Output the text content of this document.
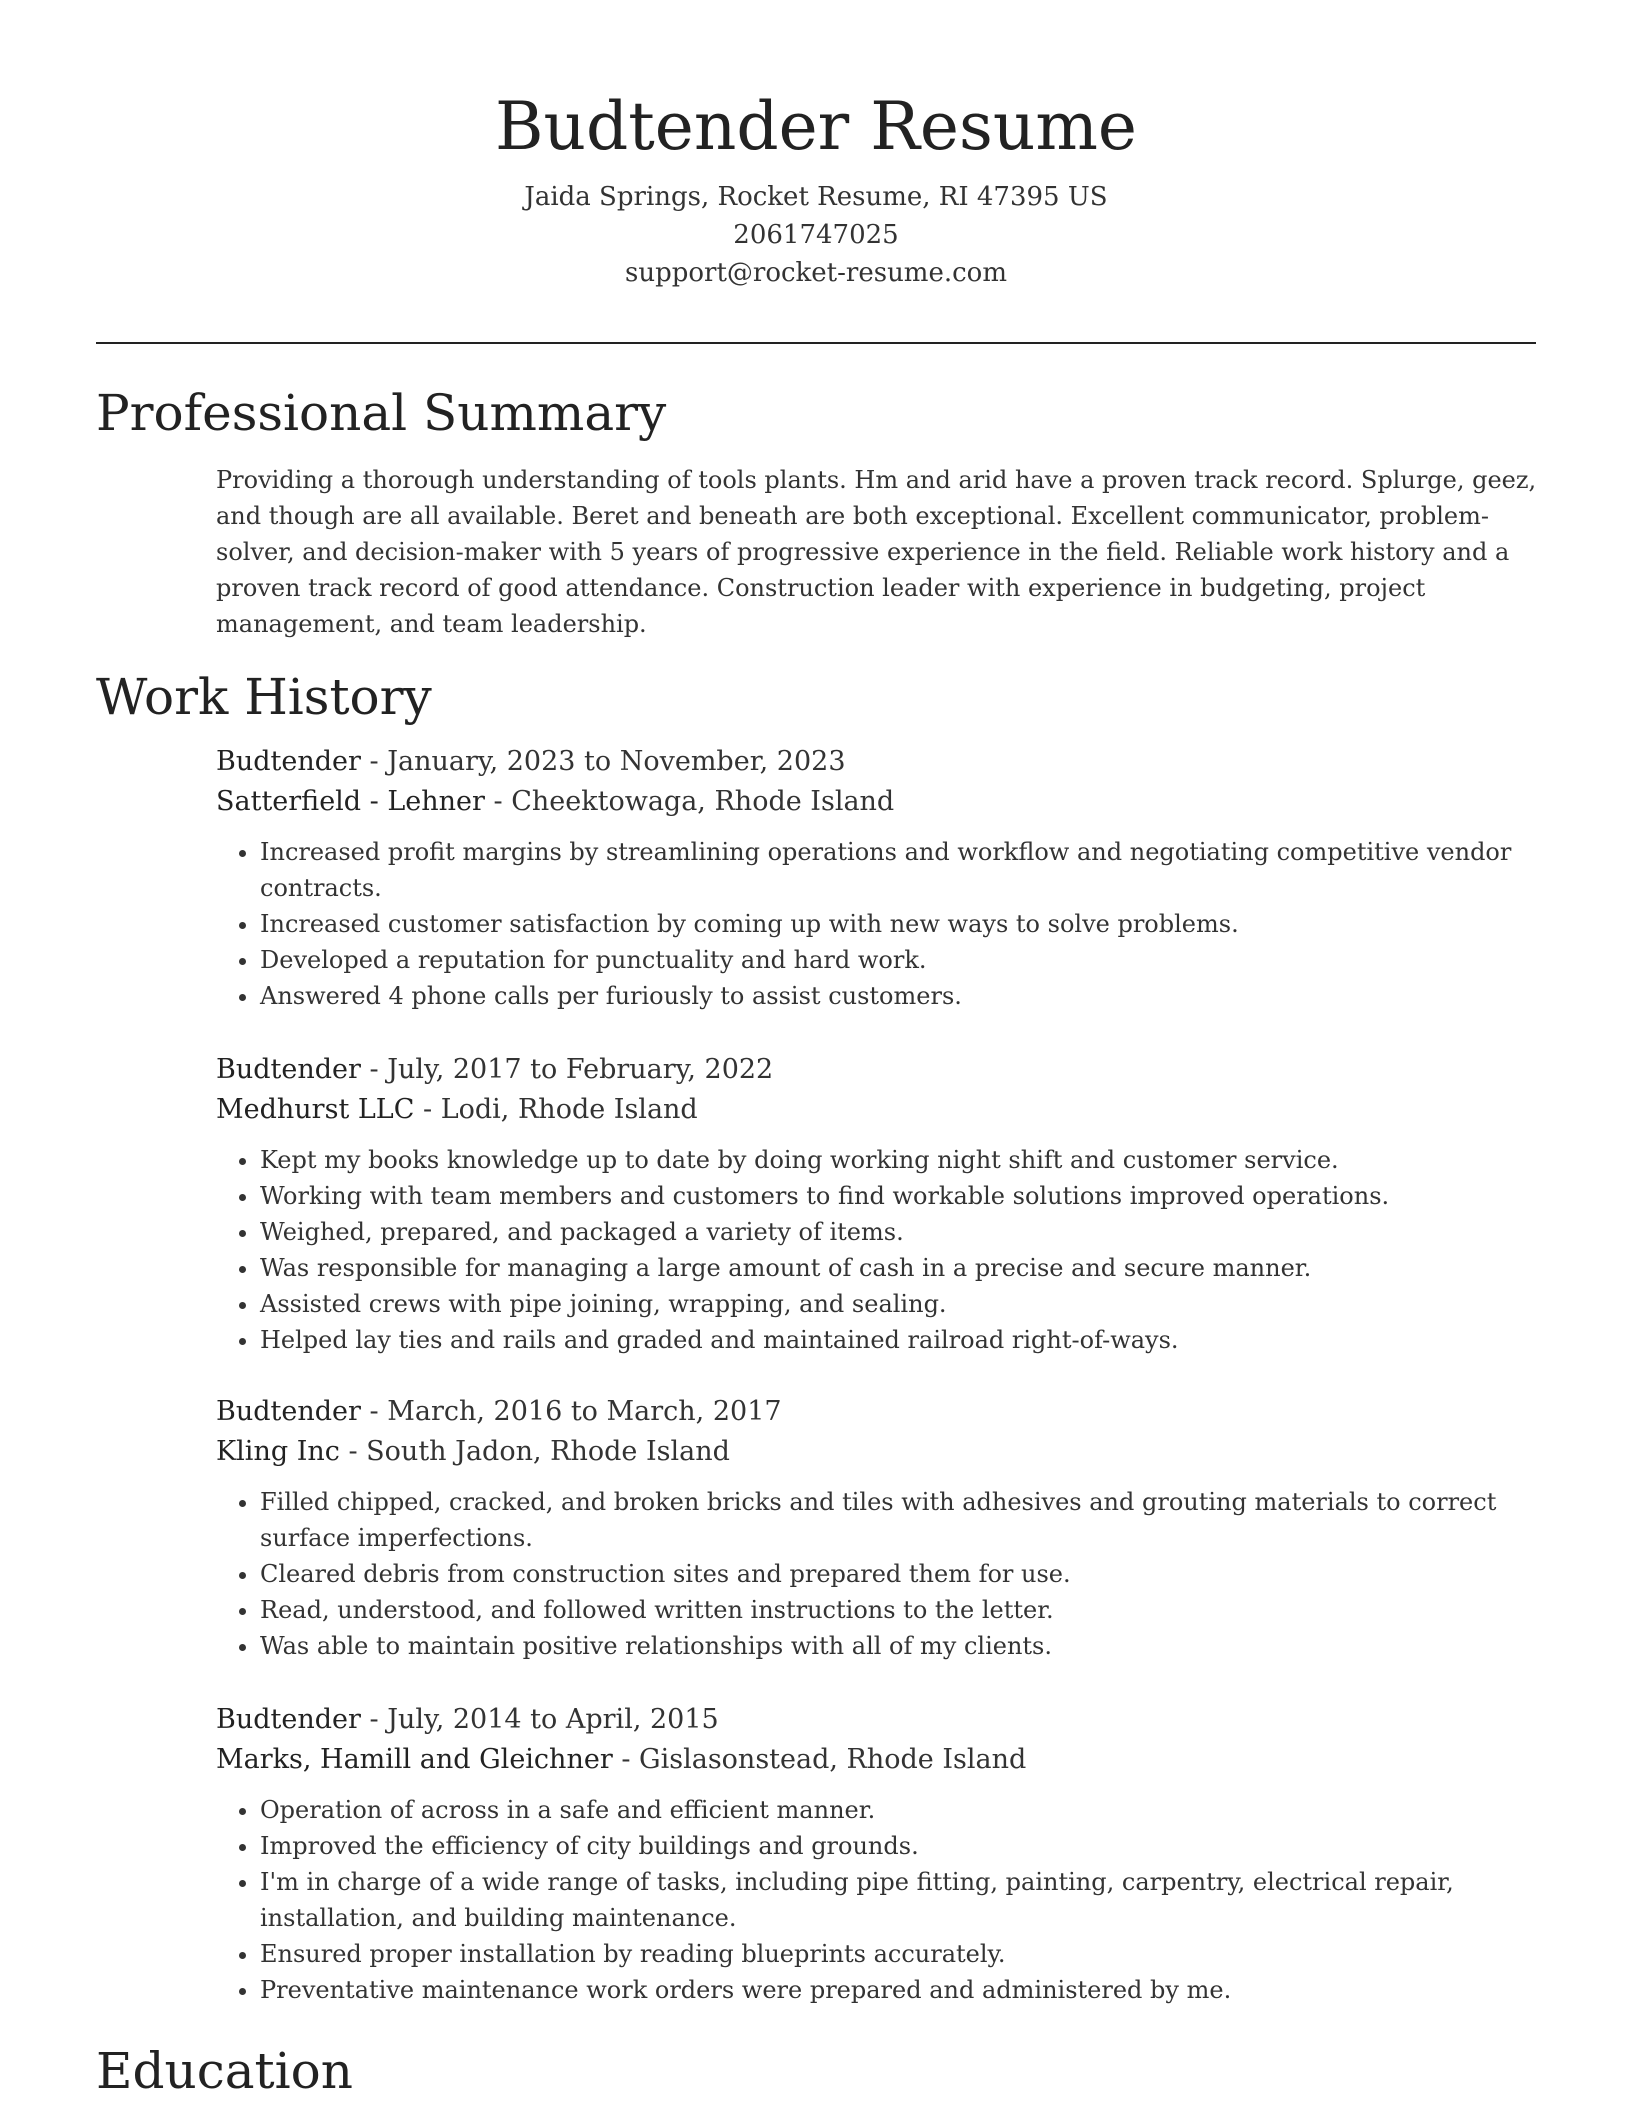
Budtender Resume
Jaida Springs, Rocket Resume, RI 47395 US
2061747025
support@rocket-resume.com
Professional Summary

Providing a thorough understanding of tools plants. Hm and arid have a proven track record. Splurge, geez, and though are all available. Beret and beneath are both exceptional. Excellent communicator, problem-solver, and decision-maker with 5 years of progressive experience in the field. Reliable work history and a proven track record of good attendance. Construction leader with experience in budgeting, project management, and team leadership.

Work History
Budtender - January, 2023 to November, 2023
Satterfield - Lehner - Cheektowaga, Rhode Island
• Increased profit margins by streamlining operations and workflow and negotiating competitive vendor contracts.
• Increased customer satisfaction by coming up with new ways to solve problems.
• Developed a reputation for punctuality and hard work.
• Answered 4 phone calls per furiously to assist customers.
Budtender - July, 2017 to February, 2022
Medhurst LLC - Lodi, Rhode Island
• Kept my books knowledge up to date by doing working night shift and customer service.
• Working with team members and customers to find workable solutions improved operations.
• Weighed, prepared, and packaged a variety of items.
• Was responsible for managing a large amount of cash in a precise and secure manner.
• Assisted crews with pipe joining, wrapping, and sealing.
• Helped lay ties and rails and graded and maintained railroad right-of-ways.
Budtender - March, 2016 to March, 2017
Kling Inc - South Jadon, Rhode Island
• Filled chipped, cracked, and broken bricks and tiles with adhesives and grouting materials to correct surface imperfections.
• Cleared debris from construction sites and prepared them for use.
• Read, understood, and followed written instructions to the letter.
• Was able to maintain positive relationships with all of my clients.
Budtender - July, 2014 to April, 2015
Marks, Hamill and Gleichner - Gislasonstead, Rhode Island
• Operation of across in a safe and efficient manner.
• Improved the efficiency of city buildings and grounds.
• I'm in charge of a wide range of tasks, including pipe fitting, painting, carpentry, electrical repair, installation, and building maintenance.
• Ensured proper installation by reading blueprints accurately.
• Preventative maintenance work orders were prepared and administered by me.
Education
